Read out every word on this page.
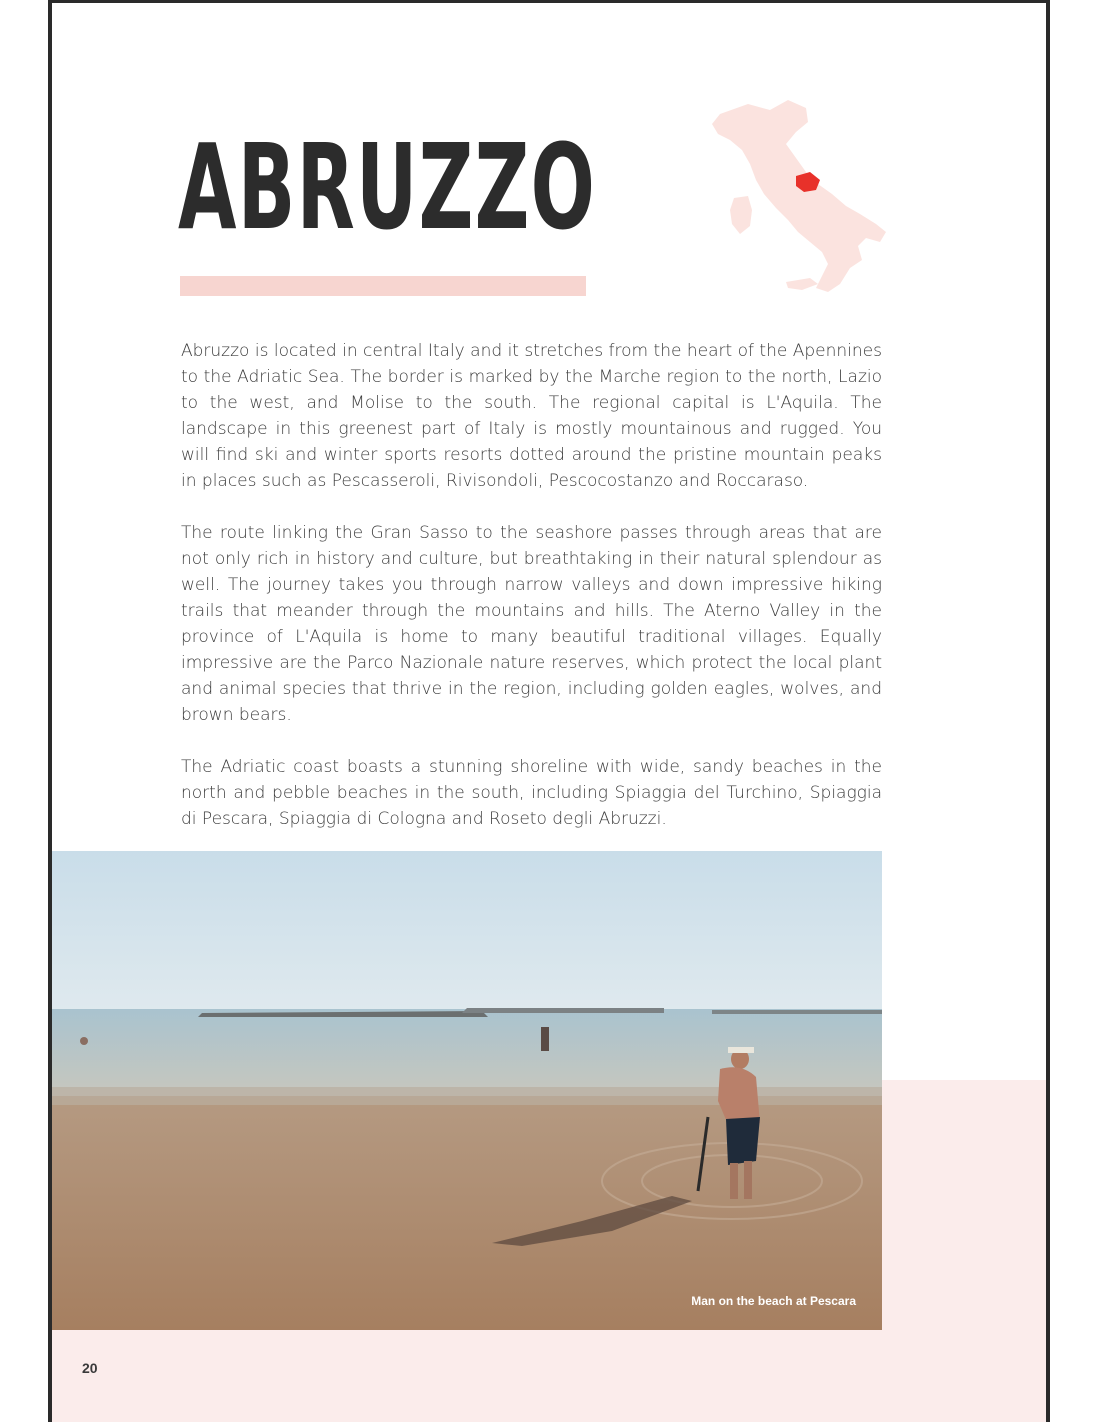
ABRUZZO

Abruzzo is located in central Italy and it stretches from the heart of the Apennines to the Adriatic Sea. The border is marked by the Marche region to the north, Lazio to the west, and Molise to the south. The regional capital is L'Aquila. The landscape in this greenest part of Italy is mostly mountainous and rugged. You will find ski and winter sports resorts dotted around the pristine mountain peaks in places such as Pescasseroli, Rivisondoli, Pescocostanzo and Roccaraso.

The route linking the Gran Sasso to the seashore passes through areas that are not only rich in history and culture, but breathtaking in their natural splendour as well. The journey takes you through narrow valleys and down impressive hiking trails that meander through the mountains and hills. The Aterno Valley in the province of L'Aquila is home to many beautiful traditional villages. Equally impressive are the Parco Nazionale nature reserves, which protect the local plant and animal species that thrive in the region, including golden eagles, wolves, and brown bears.

The Adriatic coast boasts a stunning shoreline with wide, sandy beaches in the north and pebble beaches in the south, including Spiaggia del Turchino, Spiaggia di Pescara, Spiaggia di Cologna and Roseto degli Abruzzi.

Man on the beach at Pescara
20
